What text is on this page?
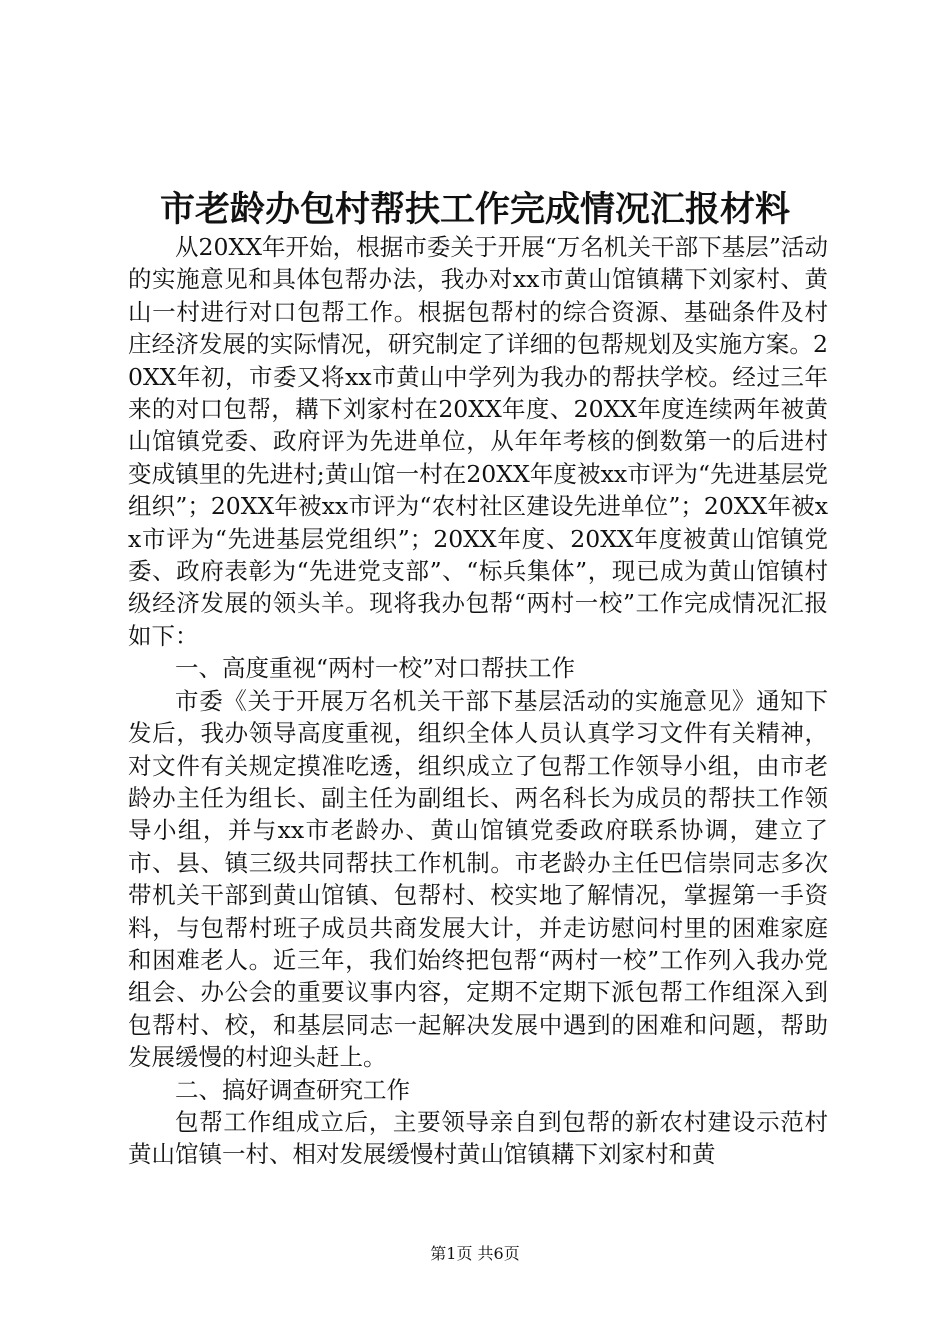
市老龄办包村帮扶工作完成情况汇报材料

从20XX年开始，根据市委关于开展“万名机关干部下基层”活动的实施意见和具体包帮办法，我办对xx市黄山馆镇耩下刘家村、黄山一村进行对口包帮工作。根据包帮村的综合资源、基础条件及村庄经济发展的实际情况，研究制定了详细的包帮规划及实施方案。20XX年初，市委又将xx市黄山中学列为我办的帮扶学校。经过三年来的对口包帮，耩下刘家村在20XX年度、20XX年度连续两年被黄山馆镇党委、政府评为先进单位，从年年考核的倒数第一的后进村变成镇里的先进村;黄山馆一村在20XX年度被xx市评为“先进基层党组织”；20XX年被xx市评为“农村社区建设先进单位”；20XX年被xx市评为“先进基层党组织”；20XX年度、20XX年度被黄山馆镇党委、政府表彰为“先进党支部”、“标兵集体”，现已成为黄山馆镇村级经济发展的领头羊。现将我办包帮“两村一校”工作完成情况汇报如下：

一、高度重视“两村一校”对口帮扶工作

市委《关于开展万名机关干部下基层活动的实施意见》通知下发后，我办领导高度重视，组织全体人员认真学习文件有关精神，对文件有关规定摸准吃透，组织成立了包帮工作领导小组，由市老龄办主任为组长、副主任为副组长、两名科长为成员的帮扶工作领导小组，并与xx市老龄办、黄山馆镇党委政府联系协调，建立了市、县、镇三级共同帮扶工作机制。市老龄办主任巴信崇同志多次带机关干部到黄山馆镇、包帮村、校实地了解情况，掌握第一手资料，与包帮村班子成员共商发展大计，并走访慰问村里的困难家庭和困难老人。近三年，我们始终把包帮“两村一校”工作列入我办党组会、办公会的重要议事内容，定期不定期下派包帮工作组深入到包帮村、校，和基层同志一起解决发展中遇到的困难和问题，帮助发展缓慢的村迎头赶上。

二、搞好调查研究工作

包帮工作组成立后，主要领导亲自到包帮的新农村建设示范村黄山馆镇一村、相对发展缓慢村黄山馆镇耩下刘家村和黄

第1页 共6页
